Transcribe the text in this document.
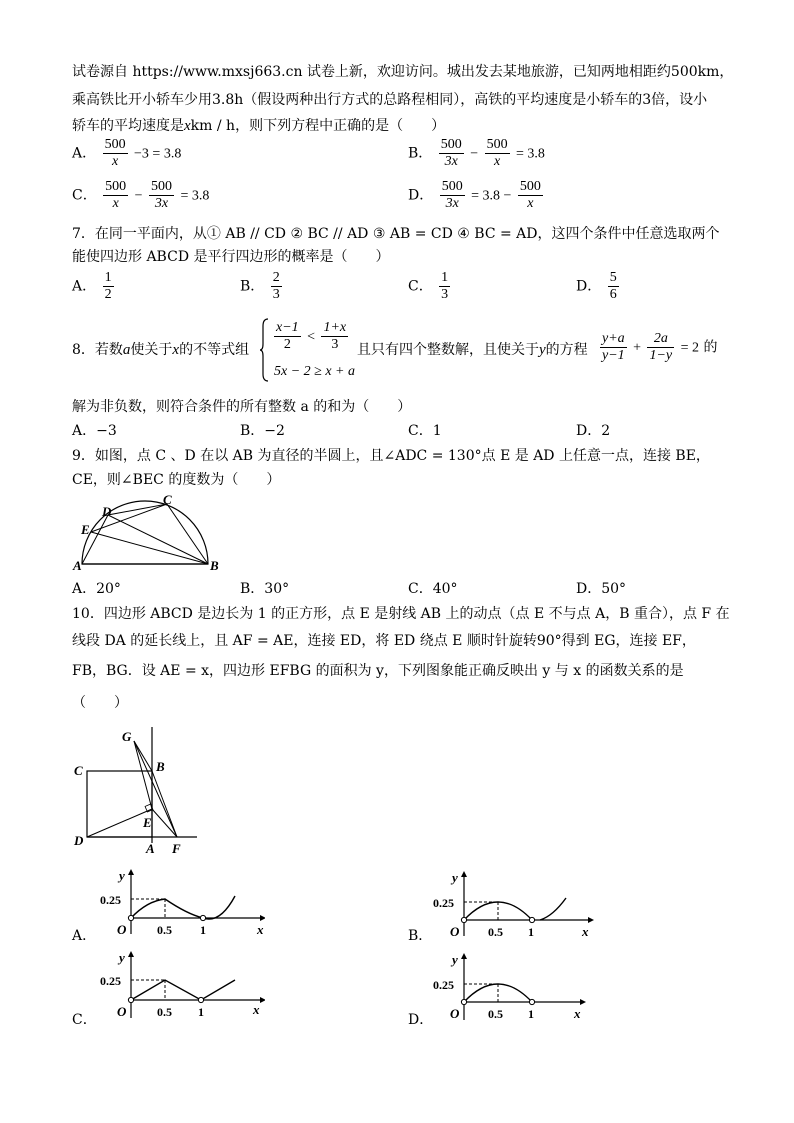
试卷源自 https://www.mxsj663.cn 试卷上新，欢迎访问。城出发去某地旅游，已知两地相距约500km，
乘高铁比开小轿车少用3.8h（假设两种出行方式的总路程相同），高铁的平均速度是小轿车的3倍，设小
轿车的平均速度是xkm / h，则下列方程中正确的是（　　）
A． $\frac{500}{x} -3 = 3.8$	B． $\frac{500}{3x} - \frac{500}{x} = 3.8$
C． $\frac{500}{x} - \frac{500}{3x} = 3.8$	D． $\frac{500}{3x} = 3.8 - \frac{500}{x}$
7．在同一平面内，从① AB // CD ② BC // AD ③ AB = CD ④ BC = AD，这四个条件中任意选取两个
能使四边形 ABCD 是平行四边形的概率是（　　）
A． $\frac{1}{2}$	B． $\frac{2}{3}$	C． $\frac{1}{3}$	D． $\frac{5}{6}$
8．若数a使关于x的不等式组 $\frac{x-1}{2} < \frac{1+x}{3}$
5x − 2 ≥ x + a
且只有四个整数解，且使关于y的方程 $\frac{y+a}{y-1} + \frac{2a}{1-y} = 2$ 的
解为非负数，则符合条件的所有整数 a 的和为（　　）
A．−3	B．−2	C．1	D．2
9．如图，点 C 、D 在以 AB 为直径的半圆上，且∠ADC = 130°点 E 是 AD 上任意一点，连接 BE，
CE，则∠BEC 的度数为（　　）
A	B
C
D
E
A．20°	B．30°	C．40°	D．50°
10．四边形 ABCD 是边长为 1 的正方形，点 E 是射线 AB 上的动点（点 E 不与点 A，B 重合），点 F 在
线段 DA 的延长线上，且 AF = AE，连接 ED，将 ED 绕点 E 顺时针旋转90°得到 EG，连接 EF，
FB，BG．设 AE = x，四边形 EFBG 的面积为 y，下列图象能正确反映出 y 与 x 的函数关系的是
（　　）
G
B
C
E
D
A F
A．
y
x
O
0.25
0.5 1	B．
y
x
O
0.25
0.5 1
C．
y
x
O
0.25
0.5 1	D．
y
x
O
0.25
0.5 1
